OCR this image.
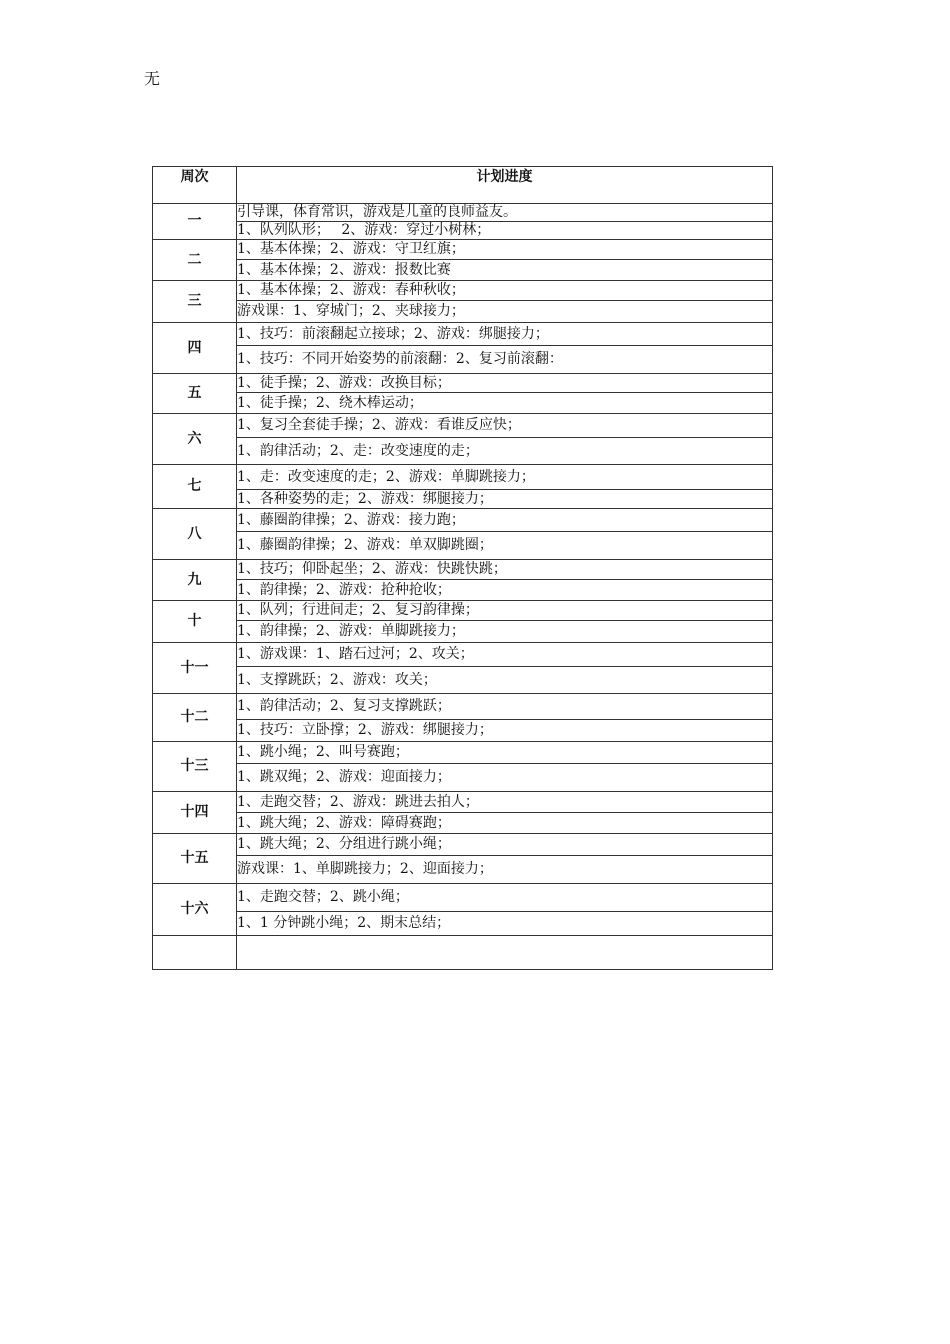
无
周次	计划进度
一	引导课，体育常识，游戏是儿童的良师益友。
	1、队列队形；　 2、游戏：穿过小树林；
二	1、基本体操；2、游戏：守卫红旗；
	1、基本体操；2、游戏：报数比赛
三	1、基本体操；2、游戏：春种秋收；
	游戏课：1、穿城门；2、夹球接力；
四	1、技巧：前滚翻起立接球；2、游戏：绑腿接力；
	1、技巧：不同开始姿势的前滚翻：2、复习前滚翻：
五	1、徒手操；2、游戏：改换目标；
	1、徒手操；2、绕木棒运动；
六	1、复习全套徒手操；2、游戏：看谁反应快；
	1、韵律活动；2、走：改变速度的走；
七	1、走：改变速度的走；2、游戏：单脚跳接力；
	1、各种姿势的走；2、游戏：绑腿接力；
八	1、藤圈韵律操；2、游戏：接力跑；
	1、藤圈韵律操；2、游戏：单双脚跳圈；
九	1、技巧；仰卧起坐；2、游戏：快跳快跳；
	1、韵律操；2、游戏：抢种抢收；
十	1、队列；行进间走；2、复习韵律操；
	1、韵律操；2、游戏：单脚跳接力；
十一	1、游戏课：1、踏石过河；2、攻关；
	1、支撑跳跃；2、游戏：攻关；
十二	1、韵律活动；2、复习支撑跳跃；
	1、技巧：立卧撑；2、游戏：绑腿接力；
十三	1、跳小绳；2、叫号赛跑；
	1、跳双绳；2、游戏：迎面接力；
十四	1、走跑交替；2、游戏：跳进去拍人；
	1、跳大绳；2、游戏：障碍赛跑；
十五	1、跳大绳；2、分组进行跳小绳；
	游戏课：1、单脚跳接力；2、迎面接力；
十六	1、走跑交替；2、跳小绳；
	1、1 分钟跳小绳；2、期末总结；
